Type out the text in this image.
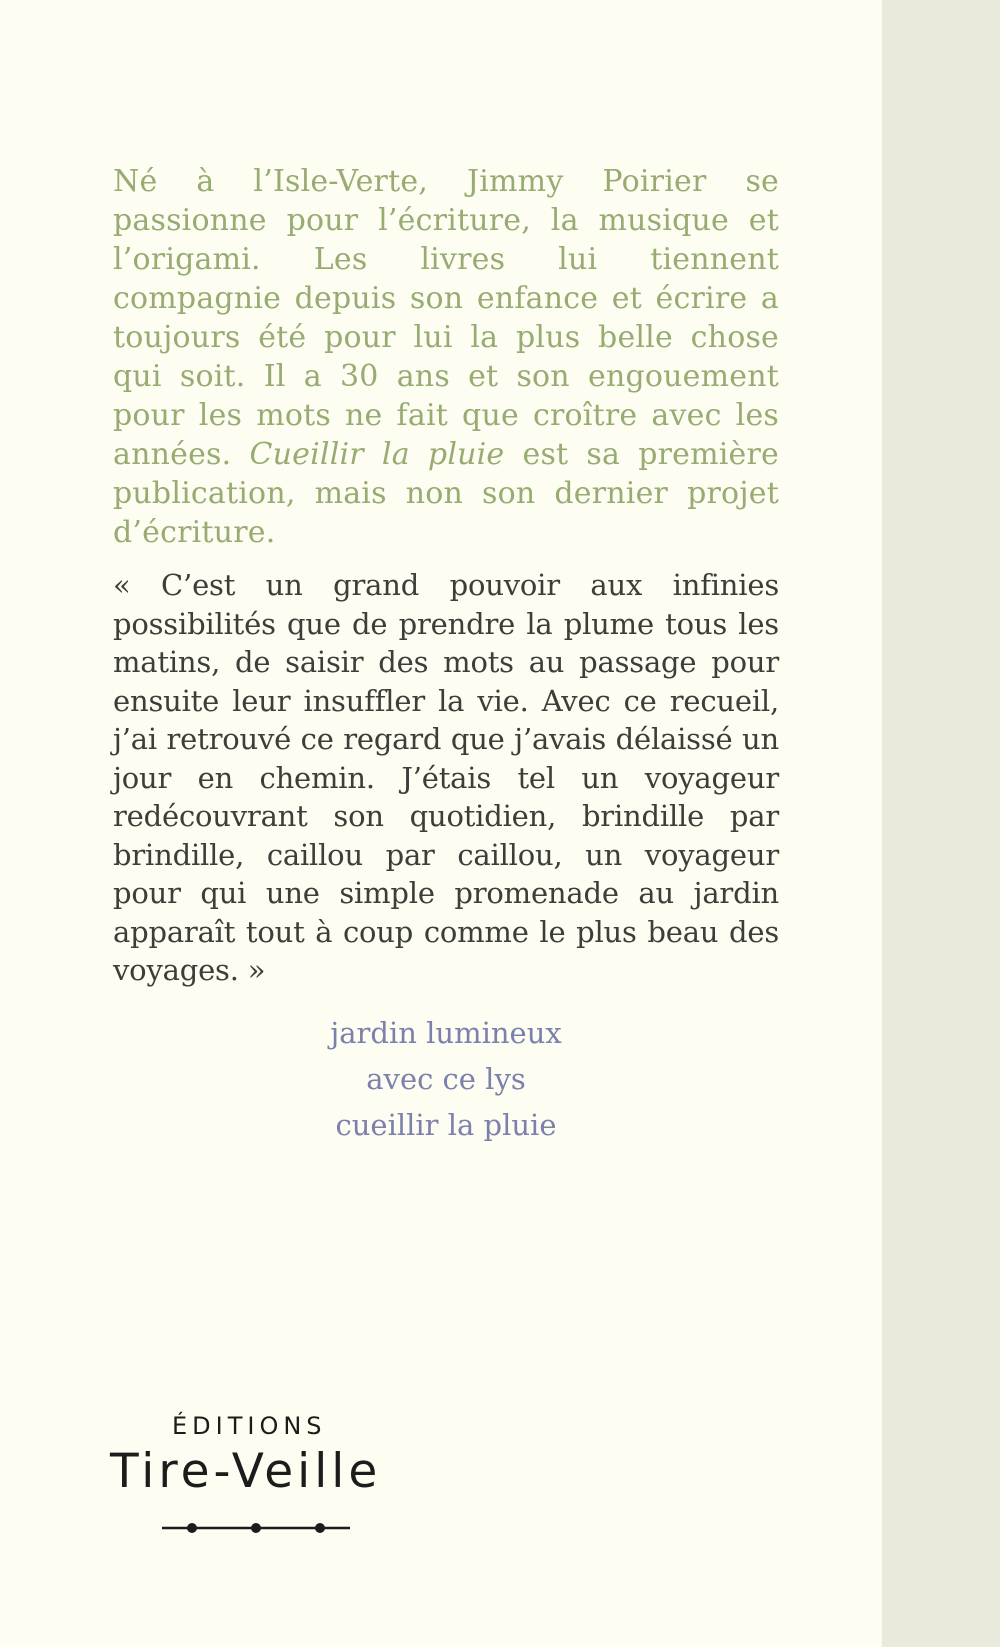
Né à l’Isle-Verte, Jimmy Poirier se passionne pour l’écriture, la musique et l’origami. Les livres lui tiennent compagnie depuis son enfance et écrire a toujours été pour lui la plus belle chose qui soit. Il a 30 ans et son engouement pour les mots ne fait que croître avec les années. Cueillir la pluie est sa première publication, mais non son dernier projet d’écriture.

« C’est un grand pouvoir aux infinies possibilités que de prendre la plume tous les matins, de saisir des mots au passage pour ensuite leur insuffler la vie. Avec ce recueil, j’ai retrouvé ce regard que j’avais délaissé un jour en chemin. J’étais tel un voyageur redécouvrant son quotidien, brindille par brindille, caillou par caillou, un voyageur pour qui une simple promenade au jardin apparaît tout à coup comme le plus beau des voyages. »

jardin lumineux
avec ce lys
cueillir la pluie
ÉDITIONS
Tire-Veille
